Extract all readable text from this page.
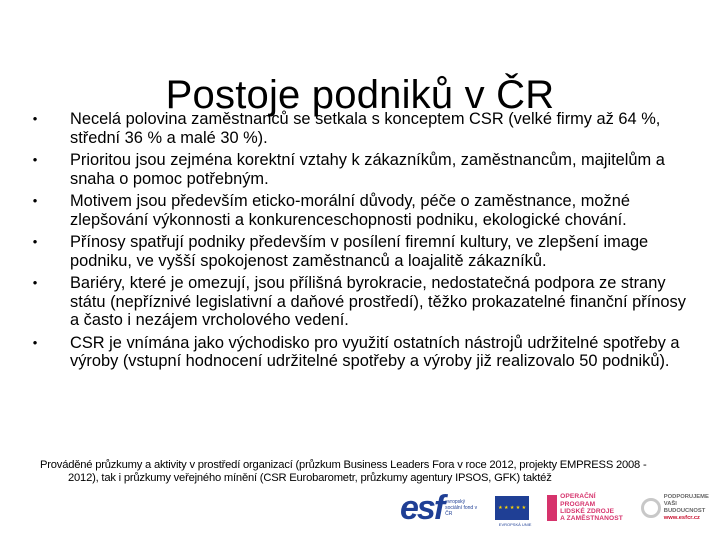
Postoje podniků v ČR
• Necelá polovina zaměstnanců se setkala s konceptem CSR (velké firmy až 64 %, střední 36 % a malé 30 %).
• Prioritou jsou zejména korektní vztahy k zákazníkům, zaměstnancům, majitelům a snaha o pomoc potřebným.
• Motivem jsou především eticko-morální důvody, péče o zaměstnance, možné zlepšování výkonnosti a konkurenceschopnosti podniku, ekologické chování.
• Přínosy spatřují podniky především v posílení firemní kultury, ve zlepšení image podniku, ve vyšší spokojenost zaměstnanců a loajalitě zákazníků.
• Bariéry, které je omezují, jsou přílišná byrokracie, nedostatečná podpora ze strany státu (nepříznivé legislativní a daňové prostředí), těžko prokazatelné finanční přínosy a často i nezájem vrcholového vedení.
• CSR je vnímána jako východisko pro využití ostatních nástrojů udržitelné spotřeby a výroby (vstupní hodnocení udržitelné spotřeby a výroby již realizovalo 50 podniků).
Prováděné průzkumy a aktivity v prostředí organizací (průzkum Business Leaders Fora v roce 2012, projekty EMPRESS 2008 -
2012), tak i průzkumy veřejného mínění (CSR Eurobarometr, průzkumy agentury IPSOS, GFK) taktéž
esf evropský sociální fond v ČR
★ ★ ★ ★ ★
EVROPSKÁ UNIE
OPERAČNÍ PROGRAM
LIDSKÉ ZDROJE
A ZAMĚSTNANOST
PODPORUJEME
VAŠI BUDOUCNOST
www.esfcr.cz
